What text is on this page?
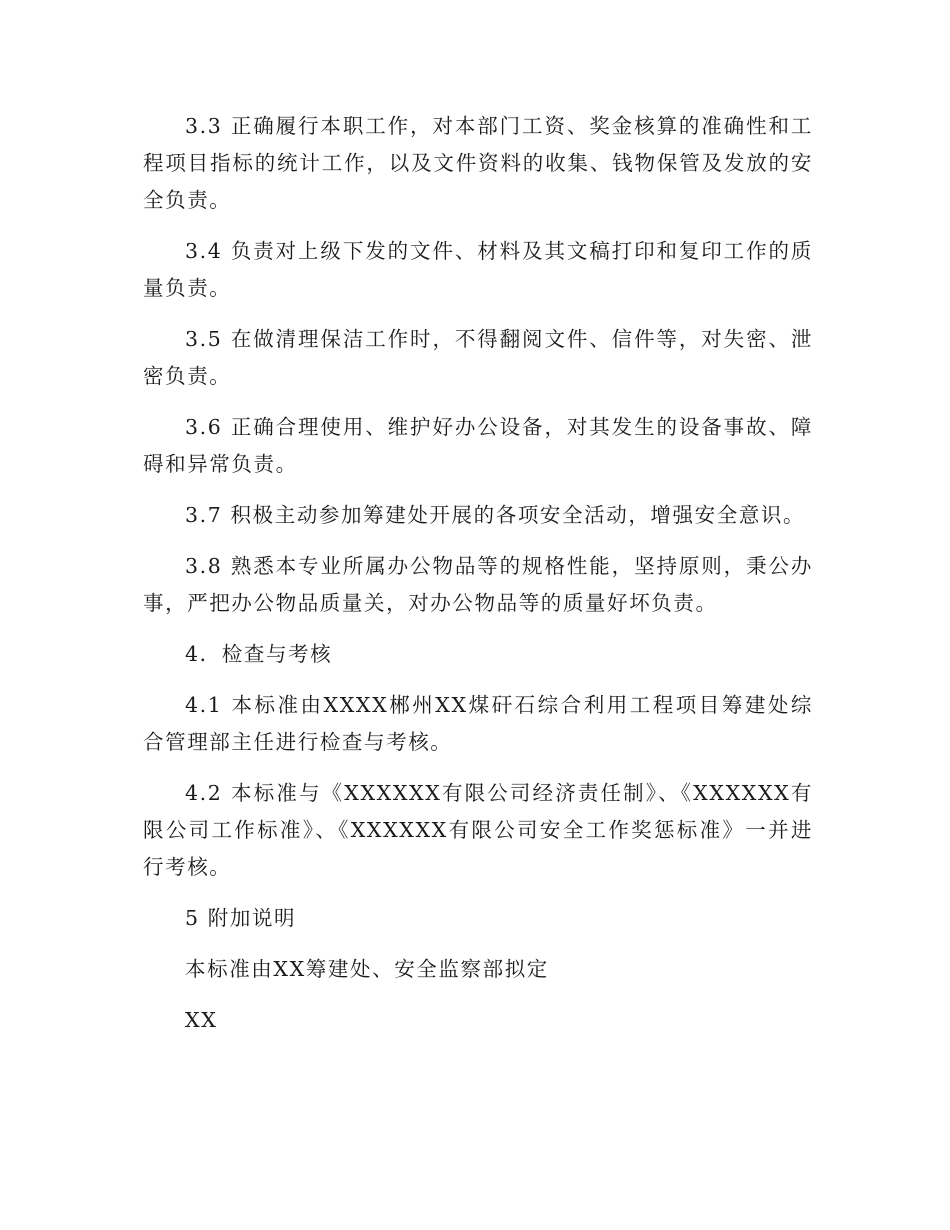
3.3 正确履行本职工作，对本部门工资、奖金核算的准确性和工程项目指标的统计工作，以及文件资料的收集、钱物保管及发放的安全负责。

3.4 负责对上级下发的文件、材料及其文稿打印和复印工作的质量负责。

3.5 在做清理保洁工作时，不得翻阅文件、信件等，对失密、泄密负责。

3.6 正确合理使用、维护好办公设备，对其发生的设备事故、障碍和异常负责。

3.7 积极主动参加筹建处开展的各项安全活动，增强安全意识。

3.8 熟悉本专业所属办公物品等的规格性能，坚持原则，秉公办事，严把办公物品质量关，对办公物品等的质量好坏负责。

4．检查与考核

4.1 本标准由XXXX郴州XX煤矸石综合利用工程项目筹建处综合管理部主任进行检查与考核。

4.2 本标准与《XXXXXX有限公司经济责任制》、《XXXXXX有限公司工作标准》、《XXXXXX有限公司安全工作奖惩标准》一并进行考核。

5 附加说明

本标准由XX筹建处、安全监察部拟定

XX
